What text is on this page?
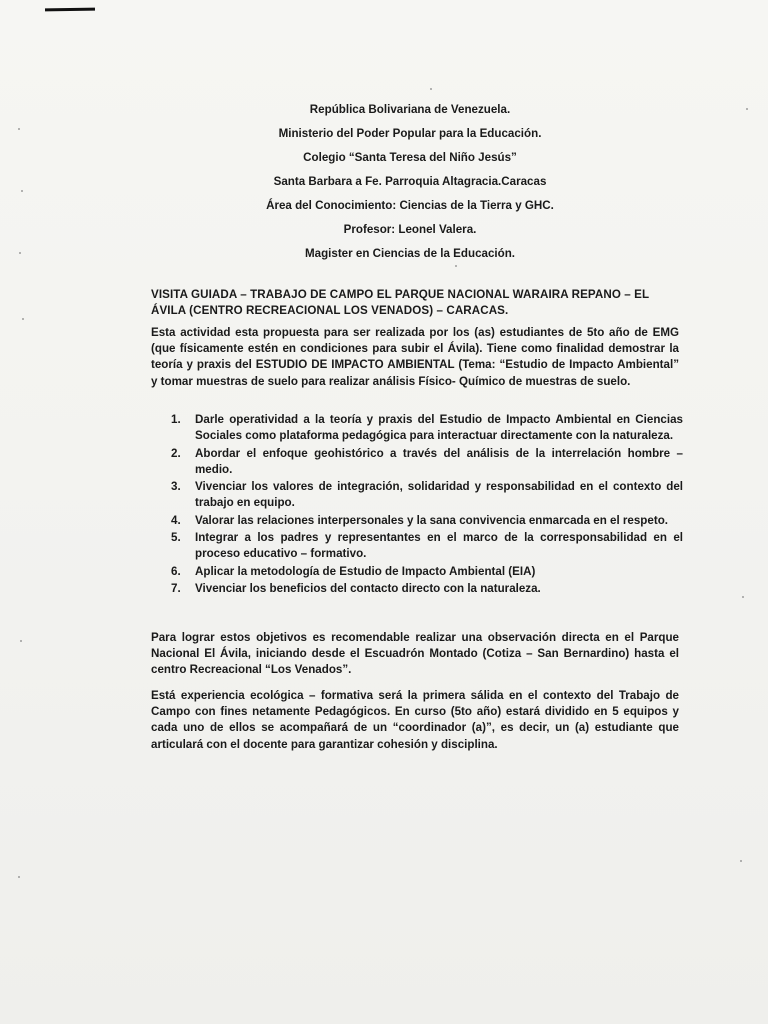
República Bolivariana de Venezuela.
Ministerio del Poder Popular para la Educación.
Colegio “Santa Teresa del Niño Jesús”
Santa Barbara a Fe. Parroquia Altagracia.Caracas
Área del Conocimiento: Ciencias de la Tierra y GHC.
Profesor: Leonel Valera.
Magister en Ciencias de la Educación.
VISITA GUIADA – TRABAJO DE CAMPO EL PARQUE NACIONAL WARAIRA REPANO – EL ÁVILA (CENTRO RECREACIONAL LOS VENADOS) – CARACAS.
Esta actividad esta propuesta para ser realizada por los (as) estudiantes de 5to año de EMG (que físicamente estén en condiciones para subir el Ávila). Tiene como finalidad demostrar la teoría y praxis del ESTUDIO DE IMPACTO AMBIENTAL (Tema: “Estudio de Impacto Ambiental” y tomar muestras de suelo para realizar análisis Físico- Químico de muestras de suelo.
1. Darle operatividad a la teoría y praxis del Estudio de Impacto Ambiental en Ciencias Sociales como plataforma pedagógica para interactuar directamente con la naturaleza.
2. Abordar el enfoque geohistórico a través del análisis de la interrelación hombre – medio.
3. Vivenciar los valores de integración, solidaridad y responsabilidad en el contexto del trabajo en equipo.
4. Valorar las relaciones interpersonales y la sana convivencia enmarcada en el respeto.
5. Integrar a los padres y representantes en el marco de la corresponsabilidad en el proceso educativo – formativo.
6. Aplicar la metodología de Estudio de Impacto Ambiental (EIA)
7. Vivenciar los beneficios del contacto directo con la naturaleza.
Para lograr estos objetivos es recomendable realizar una observación directa en el Parque Nacional El Ávila, iniciando desde el Escuadrón Montado (Cotiza – San Bernardino) hasta el centro Recreacional “Los Venados”.
Está experiencia ecológica – formativa será la primera sálida en el contexto del Trabajo de Campo con fines netamente Pedagógicos. En curso (5to año) estará dividido en 5 equipos y cada uno de ellos se acompañará de un “coordinador (a)”, es decir, un (a) estudiante que articulará con el docente para garantizar cohesión y disciplina.
